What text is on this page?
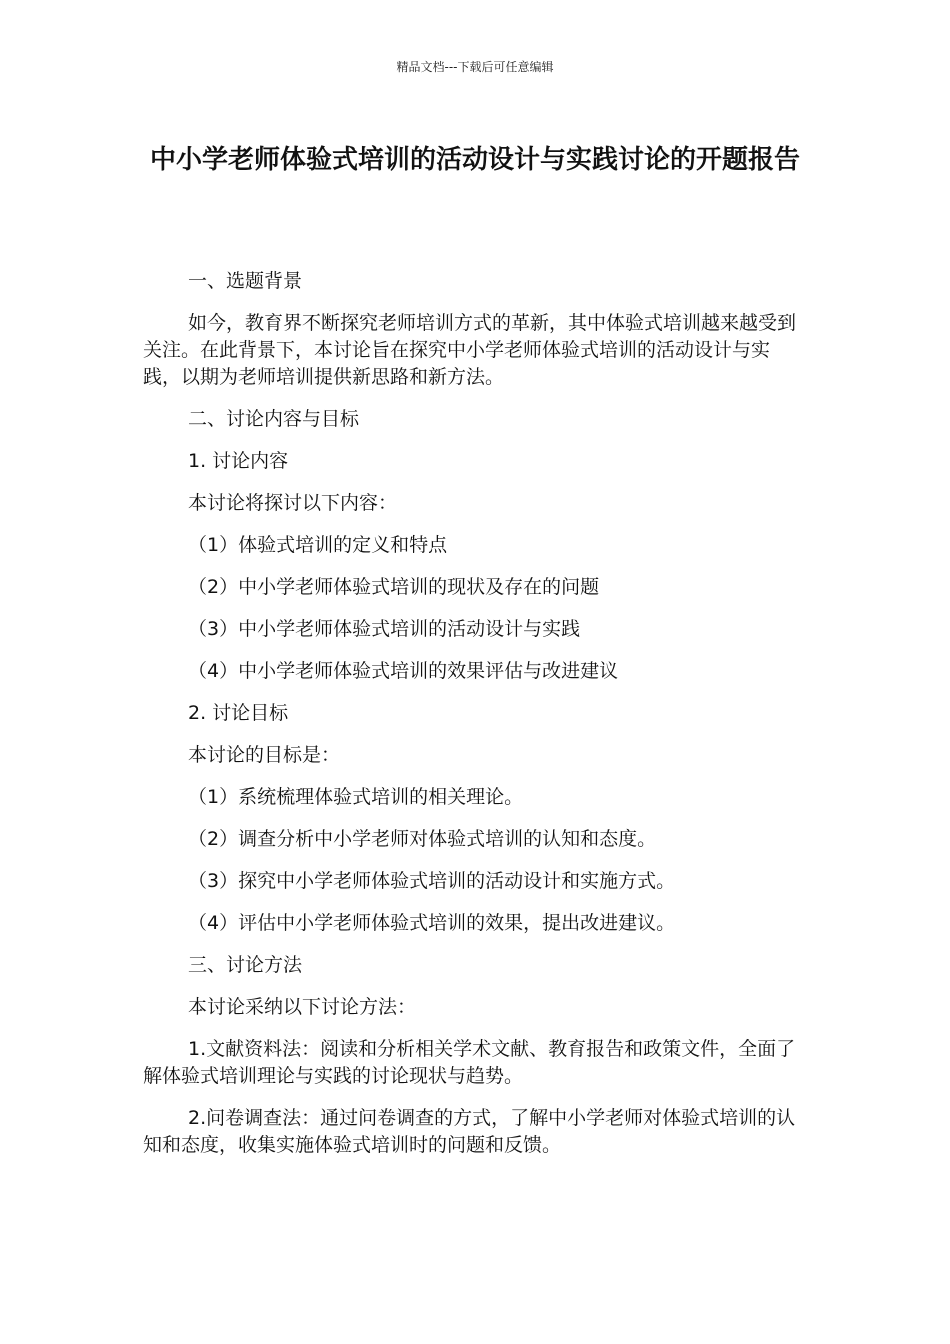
精品文档---下载后可任意编辑
中小学老师体验式培训的活动设计与实践讨论的开题报告

一、选题背景

如今，教育界不断探究老师培训方式的革新，其中体验式培训越来越受到关注。在此背景下，本讨论旨在探究中小学老师体验式培训的活动设计与实践，以期为老师培训提供新思路和新方法。

二、讨论内容与目标

1. 讨论内容

本讨论将探讨以下内容：

（1）体验式培训的定义和特点

（2）中小学老师体验式培训的现状及存在的问题

（3）中小学老师体验式培训的活动设计与实践

（4）中小学老师体验式培训的效果评估与改进建议

2. 讨论目标

本讨论的目标是：

（1）系统梳理体验式培训的相关理论。

（2）调查分析中小学老师对体验式培训的认知和态度。

（3）探究中小学老师体验式培训的活动设计和实施方式。

（4）评估中小学老师体验式培训的效果，提出改进建议。

三、讨论方法

本讨论采纳以下讨论方法：

1.文献资料法：阅读和分析相关学术文献、教育报告和政策文件，全面了解体验式培训理论与实践的讨论现状与趋势。

2.问卷调查法：通过问卷调查的方式，了解中小学老师对体验式培训的认知和态度，收集实施体验式培训时的问题和反馈。
